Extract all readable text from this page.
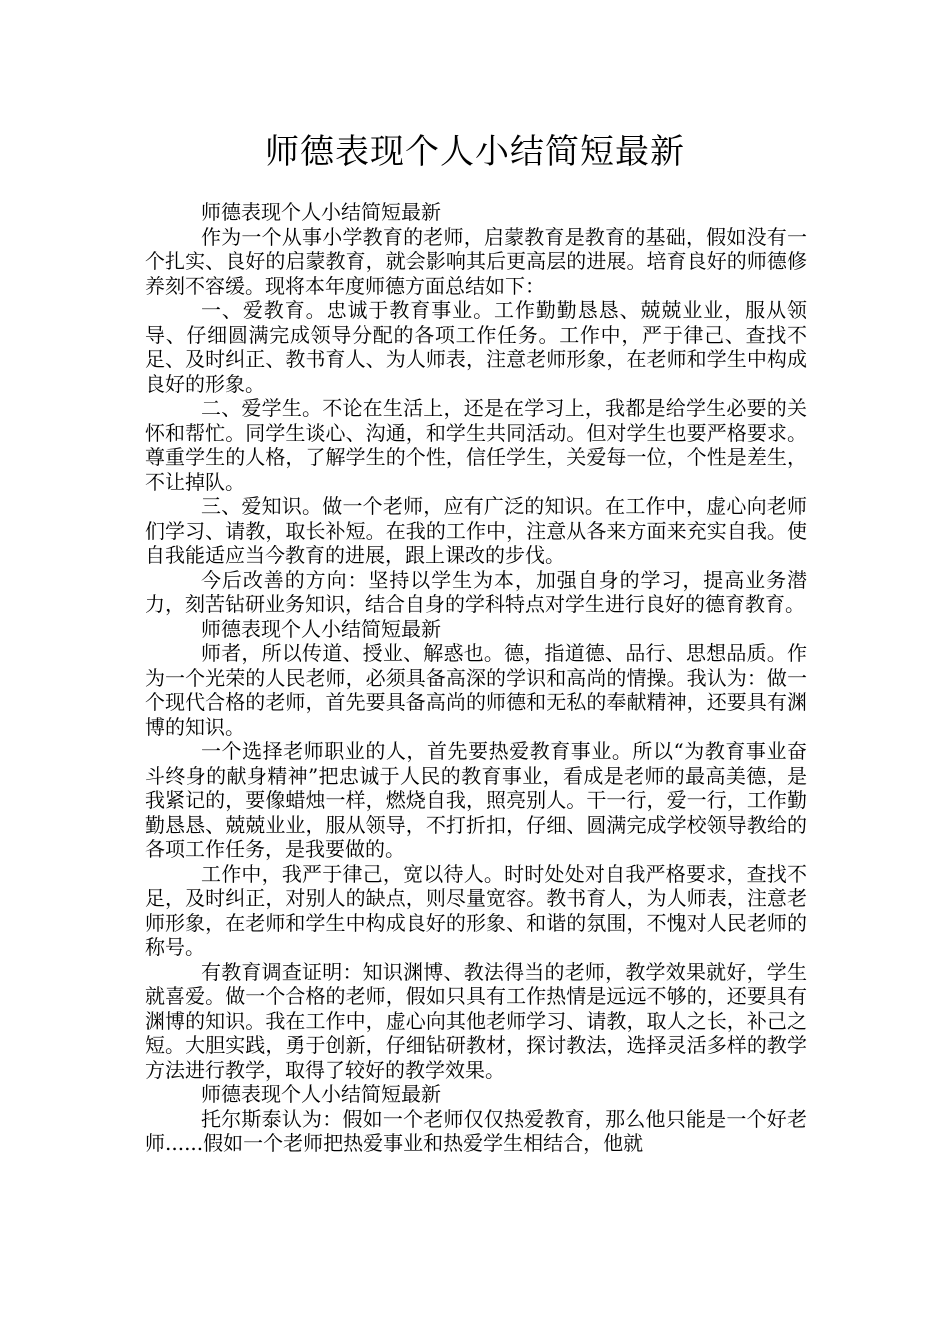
师德表现个人小结简短最新

师德表现个人小结简短最新

作为一个从事小学教育的老师，启蒙教育是教育的基础，假如没有一个扎实、良好的启蒙教育，就会影响其后更高层的进展。培育良好的师德修养刻不容缓。现将本年度师德方面总结如下：

一、爱教育。忠诚于教育事业。工作勤勤恳恳、兢兢业业，服从领导、仔细圆满完成领导分配的各项工作任务。工作中，严于律己、查找不足、及时纠正、教书育人、为人师表，注意老师形象，在老师和学生中构成良好的形象。

二、爱学生。不论在生活上，还是在学习上，我都是给学生必要的关怀和帮忙。同学生谈心、沟通，和学生共同活动。但对学生也要严格要求。尊重学生的人格，了解学生的个性，信任学生，关爱每一位，个性是差生，不让掉队。

三、爱知识。做一个老师，应有广泛的知识。在工作中，虚心向老师们学习、请教，取长补短。在我的工作中，注意从各来方面来充实自我。使自我能适应当今教育的进展，跟上课改的步伐。

今后改善的方向：坚持以学生为本，加强自身的学习，提高业务潜力，刻苦钻研业务知识，结合自身的学科特点对学生进行良好的德育教育。

师德表现个人小结简短最新

师者，所以传道、授业、解惑也。德，指道德、品行、思想品质。作为一个光荣的人民老师，必须具备高深的学识和高尚的情操。我认为：做一个现代合格的老师，首先要具备高尚的师德和无私的奉献精神，还要具有渊博的知识。

一个选择老师职业的人，首先要热爱教育事业。所以“为教育事业奋斗终身的献身精神”把忠诚于人民的教育事业，看成是老师的最高美德，是我紧记的，要像蜡烛一样，燃烧自我，照亮别人。干一行，爱一行，工作勤勤恳恳、兢兢业业，服从领导，不打折扣，仔细、圆满完成学校领导教给的各项工作任务，是我要做的。

工作中，我严于律己，宽以待人。时时处处对自我严格要求，查找不足，及时纠正，对别人的缺点，则尽量宽容。教书育人，为人师表，注意老师形象，在老师和学生中构成良好的形象、和谐的氛围，不愧对人民老师的称号。

有教育调查证明：知识渊博、教法得当的老师，教学效果就好，学生就喜爱。做一个合格的老师，假如只具有工作热情是远远不够的，还要具有渊博的知识。我在工作中，虚心向其他老师学习、请教，取人之长，补己之短。大胆实践，勇于创新，仔细钻研教材，探讨教法，选择灵活多样的教学方法进行教学，取得了较好的教学效果。

师德表现个人小结简短最新

托尔斯泰认为：假如一个老师仅仅热爱教育，那么他只能是一个好老师......假如一个老师把热爱事业和热爱学生相结合，他就
